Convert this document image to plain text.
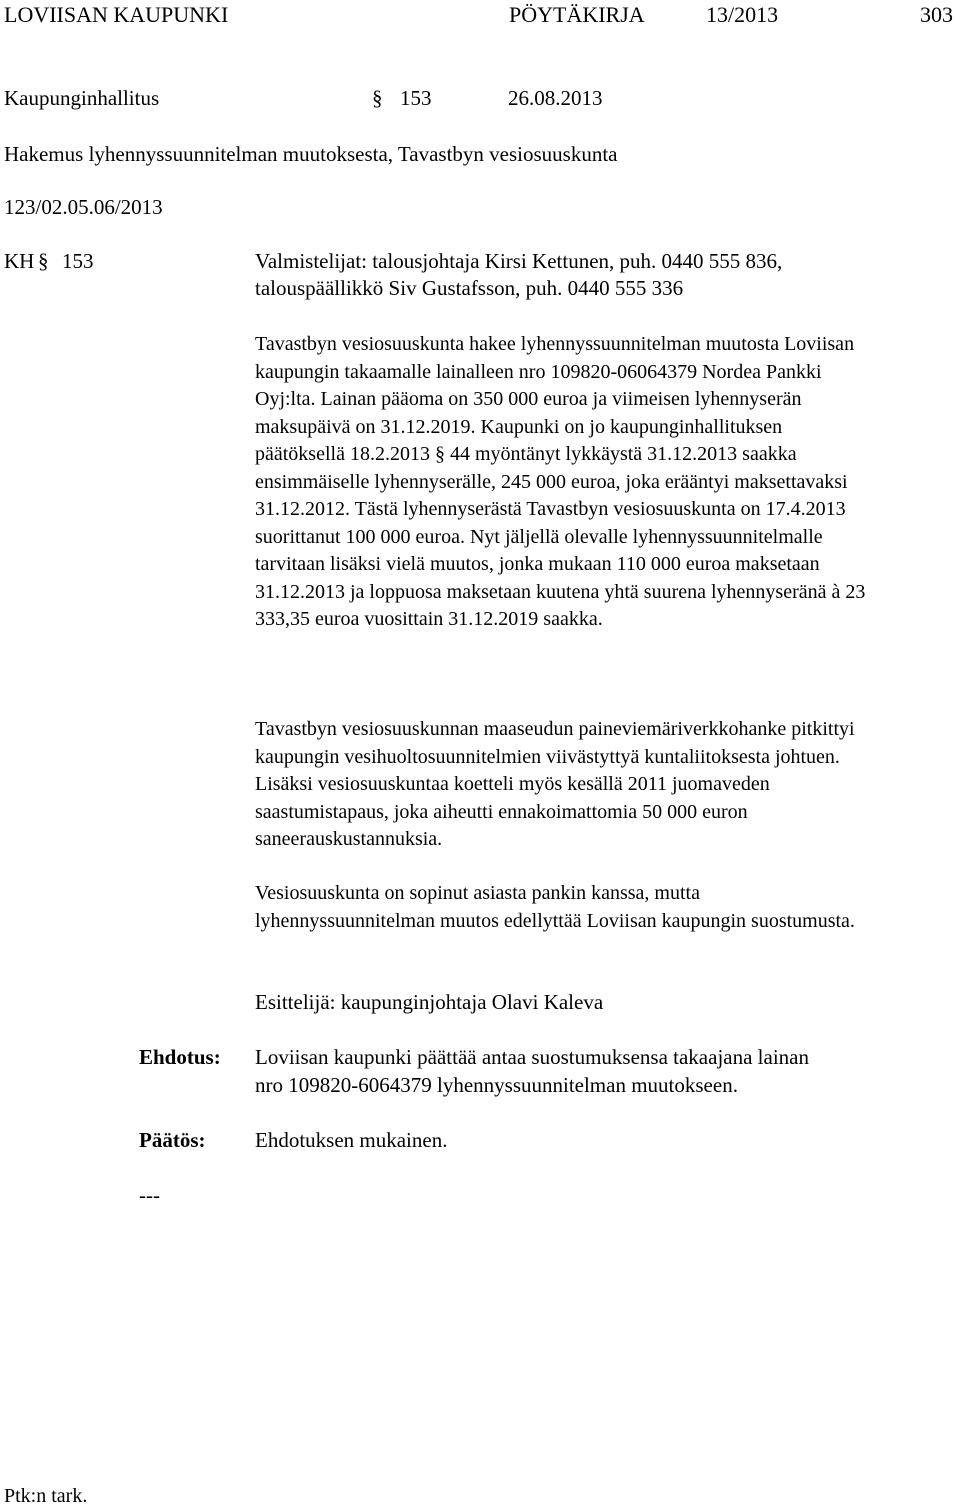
LOVIISAN KAUPUNKI	PÖYTÄKIRJA	13/2013	303
Kaupunginhallitus	§ 153	26.08.2013
Hakemus lyhennyssuunnitelman muutoksesta, Tavastbyn vesiosuuskunta
123/02.05.06/2013
KH § 153	Valmistelijat: talousjohtaja Kirsi Kettunen, puh. 0440 555 836,
talouspäällikkö Siv Gustafsson, puh. 0440 555 336
Tavastbyn vesiosuuskunta hakee lyhennyssuunnitelman muutosta Loviisan kaupungin takaamalle lainalleen nro 109820-06064379 Nordea Pankki Oyj:lta. Lainan pääoma on 350 000 euroa ja viimeisen lyhennyserän maksupäivä on 31.12.2019. Kaupunki on jo kaupunginhallituksen päätöksellä 18.2.2013 § 44 myöntänyt lykkäystä 31.12.2013 saakka ensimmäiselle lyhennyserälle, 245 000 euroa, joka erääntyi maksettavaksi 31.12.2012. Tästä lyhennyserästä Tavastbyn vesiosuuskunta on 17.4.2013 suorittanut 100 000 euroa. Nyt jäljellä olevalle lyhennyssuunnitelmalle tarvitaan lisäksi vielä muutos, jonka mukaan 110 000 euroa maksetaan 31.12.2013 ja loppuosa maksetaan kuutena yhtä suurena lyhennyseränä à 23 333,35 euroa vuosittain 31.12.2019 saakka.
Tavastbyn vesiosuuskunnan maaseudun paineviemäriverkkohanke pitkittyi kaupungin vesihuoltosuunnitelmien viivästyttyä kuntaliitoksesta johtuen. Lisäksi vesiosuuskuntaa koetteli myös kesällä 2011 juomaveden saastumistapaus, joka aiheutti ennakoimattomia 50 000 euron saneerauskustannuksia.
Vesiosuuskunta on sopinut asiasta pankin kanssa, mutta lyhennyssuunnitelman muutos edellyttää Loviisan kaupungin suostumusta.
Esittelijä: kaupunginjohtaja Olavi Kaleva
Ehdotus: Loviisan kaupunki päättää antaa suostumuksensa takaajana lainan
nro 109820-6064379 lyhennyssuunnitelman muutokseen.
Päätös: Ehdotuksen mukainen.
---
Ptk:n tark.
